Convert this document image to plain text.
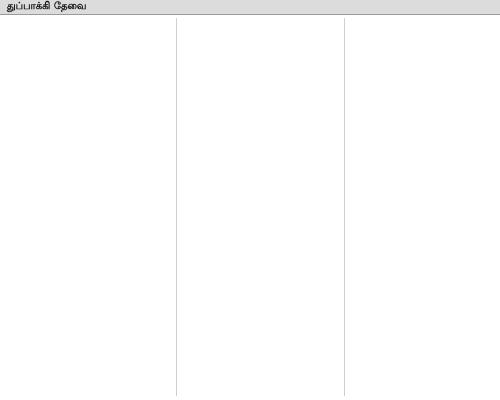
துப்பாக்கி தேவை
